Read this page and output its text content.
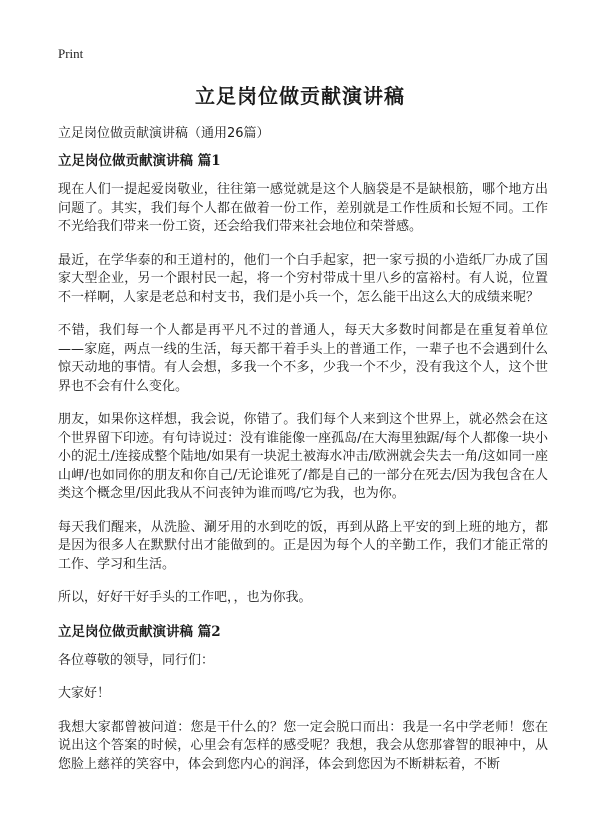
Print
立足岗位做贡献演讲稿

立足岗位做贡献演讲稿（通用26篇）

立足岗位做贡献演讲稿 篇1

现在人们一提起爱岗敬业，往往第一感觉就是这个人脑袋是不是缺根筋，哪个地方出问题了。其实，我们每个人都在做着一份工作，差别就是工作性质和长短不同。工作不光给我们带来一份工资，还会给我们带来社会地位和荣誉感。

最近，在学华泰的和王道村的，他们一个白手起家，把一家亏损的小造纸厂办成了国家大型企业，另一个跟村民一起，将一个穷村带成十里八乡的富裕村。有人说，位置不一样啊，人家是老总和村支书，我们是小兵一个，怎么能干出这么大的成绩来呢？

不错，我们每一个人都是再平凡不过的普通人，每天大多数时间都是在重复着单位——家庭，两点一线的生活，每天都干着手头上的普通工作，一辈子也不会遇到什么惊天动地的事情。有人会想，多我一个不多，少我一个不少，没有我这个人，这个世界也不会有什么变化。

朋友，如果你这样想，我会说，你错了。我们每个人来到这个世界上，就必然会在这个世界留下印迹。有句诗说过：没有谁能像一座孤岛/在大海里独踞/每个人都像一块小小的泥土/连接成整个陆地/如果有一块泥土被海水冲击/欧洲就会失去一角/这如同一座山岬/也如同你的朋友和你自己/无论谁死了/都是自己的一部分在死去/因为我包含在人类这个概念里/因此我从不问丧钟为谁而鸣/它为我，也为你。

每天我们醒来，从洗脸、涮牙用的水到吃的饭，再到从路上平安的到上班的地方，都是因为很多人在默默付出才能做到的。正是因为每个人的辛勤工作，我们才能正常的工作、学习和生活。

所以，好好干好手头的工作吧，，也为你我。

立足岗位做贡献演讲稿 篇2

各位尊敬的领导，同行们：

大家好！

我想大家都曾被问道：您是干什么的？您一定会脱口而出：我是一名中学老师！您在说出这个答案的时候，心里会有怎样的感受呢？我想，我会从您那睿智的眼神中，从您脸上慈祥的笑容中，体会到您内心的润泽，体会到您因为不断耕耘着，不断
